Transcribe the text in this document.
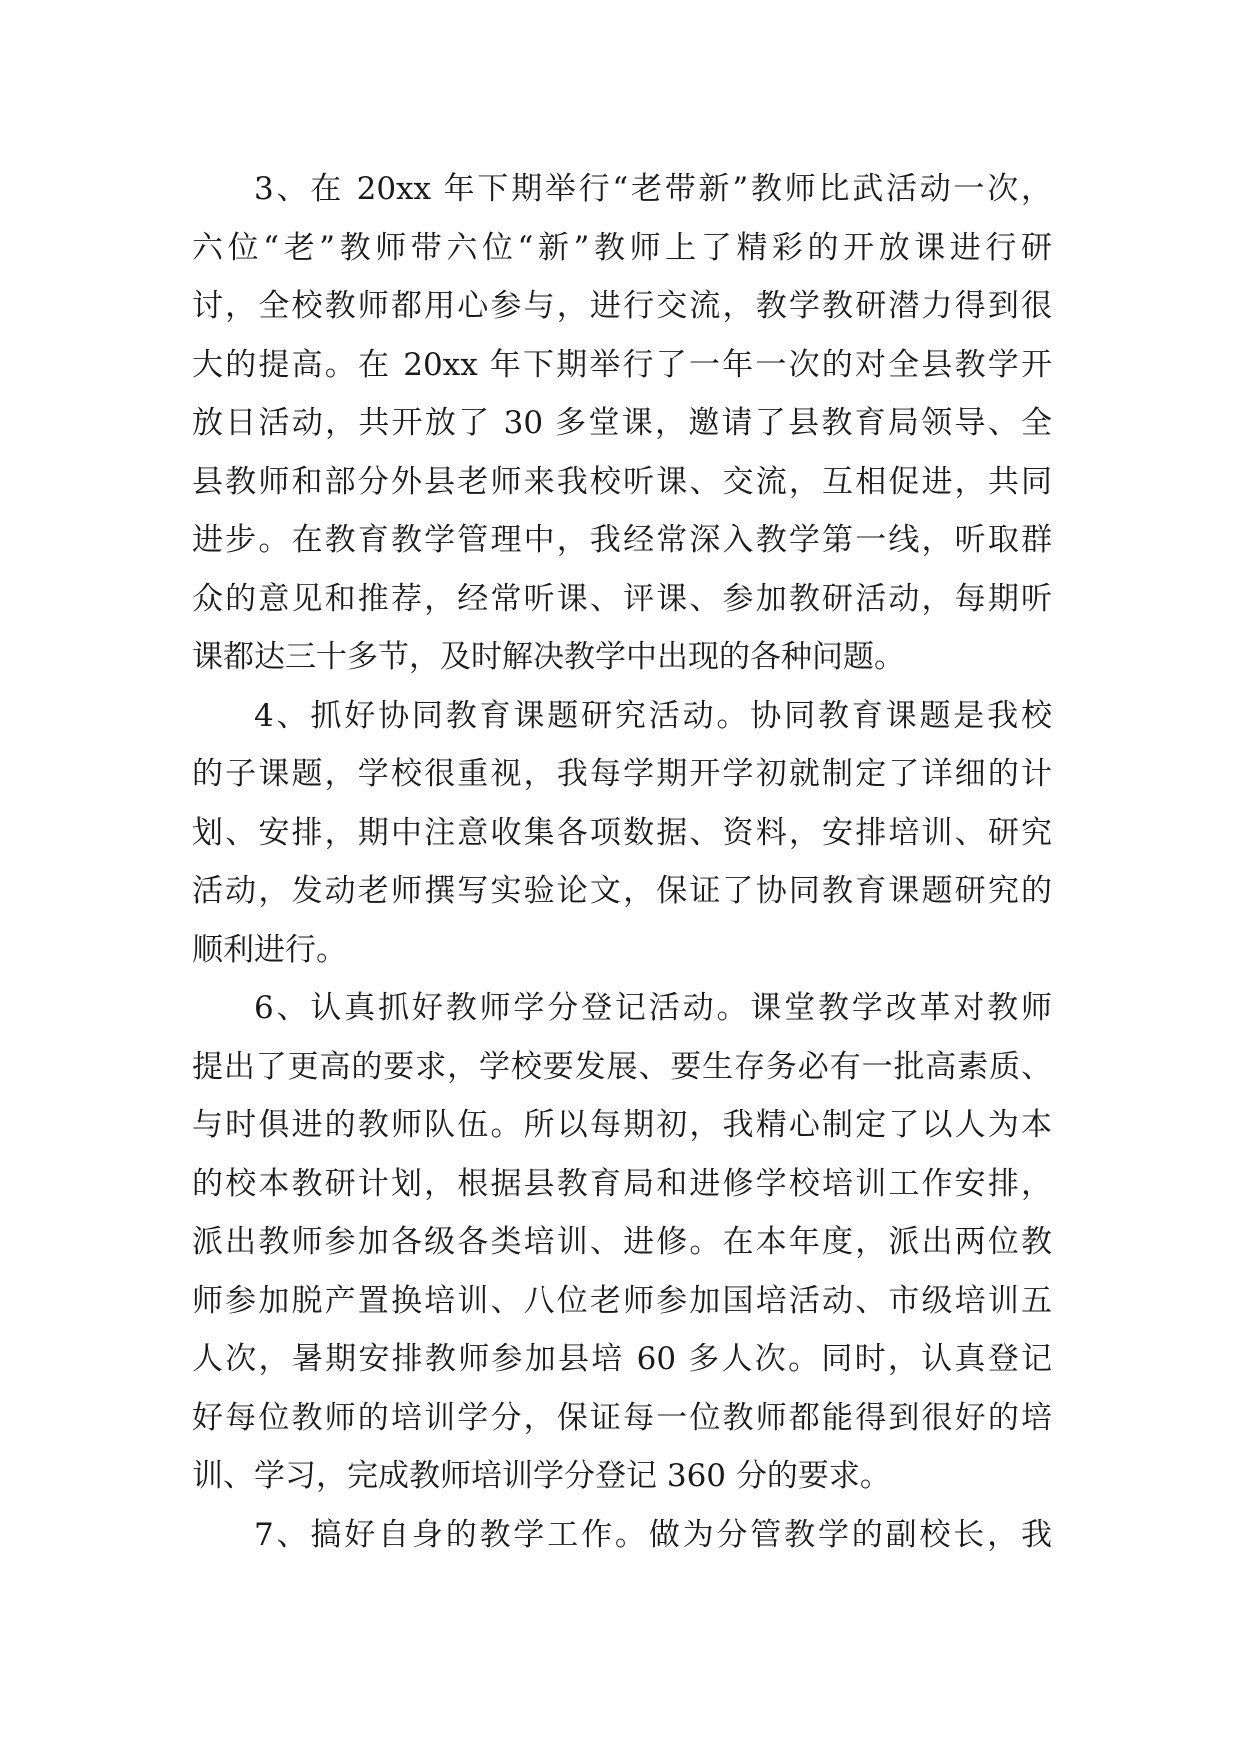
3、在 20xx 年下期举行“老带新”教师比武活动一次，
六位“老”教师带六位“新”教师上了精彩的开放课进行研
讨，全校教师都用心参与，进行交流，教学教研潜力得到很
大的提高。在 20xx 年下期举行了一年一次的对全县教学开
放日活动，共开放了 30 多堂课，邀请了县教育局领导、全
县教师和部分外县老师来我校听课、交流，互相促进，共同
进步。在教育教学管理中，我经常深入教学第一线，听取群
众的意见和推荐，经常听课、评课、参加教研活动，每期听
课都达三十多节，及时解决教学中出现的各种问题。
4、抓好协同教育课题研究活动。协同教育课题是我校
的子课题，学校很重视，我每学期开学初就制定了详细的计
划、安排，期中注意收集各项数据、资料，安排培训、研究
活动，发动老师撰写实验论文，保证了协同教育课题研究的
顺利进行。
6、认真抓好教师学分登记活动。课堂教学改革对教师
提出了更高的要求，学校要发展、要生存务必有一批高素质、
与时俱进的教师队伍。所以每期初，我精心制定了以人为本
的校本教研计划，根据县教育局和进修学校培训工作安排，
派出教师参加各级各类培训、进修。在本年度，派出两位教
师参加脱产置换培训、八位老师参加国培活动、市级培训五
人次，暑期安排教师参加县培 60 多人次。同时，认真登记
好每位教师的培训学分，保证每一位教师都能得到很好的培
训、学习，完成教师培训学分登记 360 分的要求。
7、搞好自身的教学工作。做为分管教学的副校长，我
